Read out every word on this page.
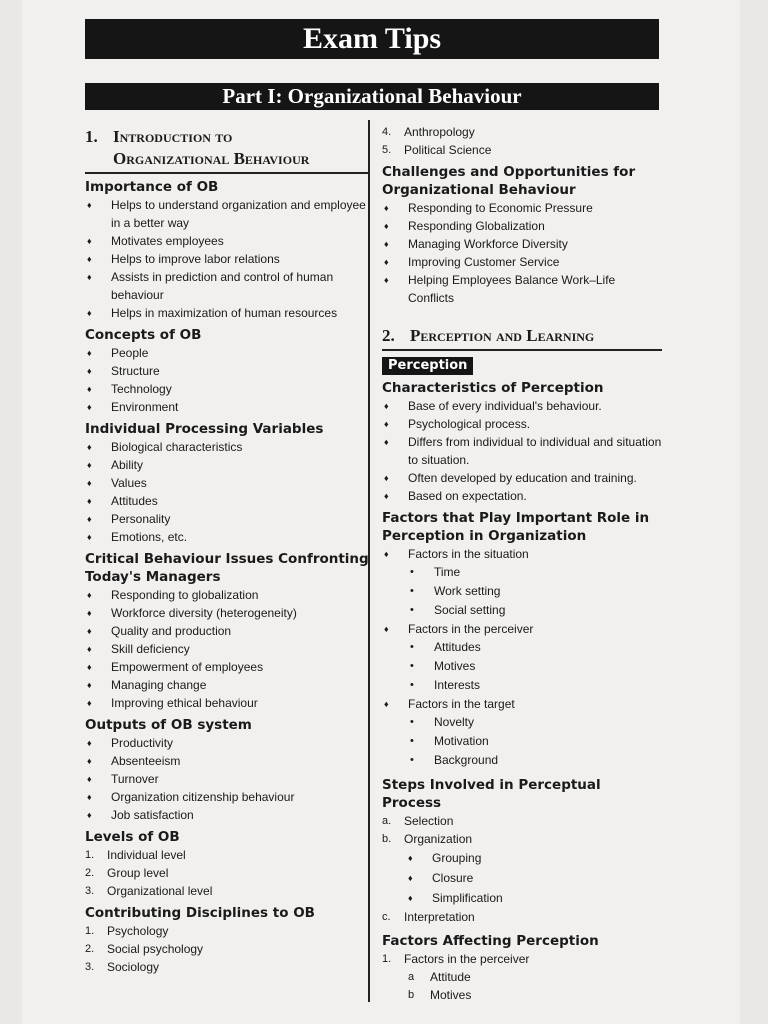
Exam Tips
Part I: Organizational Behaviour
1. Introduction to
Organizational Behaviour
Importance of OB
♦ Helps to understand organization and employee in a better way
♦ Motivates employees
♦ Helps to improve labor relations
♦ Assists in prediction and control of human behaviour
♦ Helps in maximization of human resources
Concepts of OB
♦ People
♦ Structure
♦ Technology
♦ Environment
Individual Processing Variables
♦ Biological characteristics
♦ Ability
♦ Values
♦ Attitudes
♦ Personality
♦ Emotions, etc.
Critical Behaviour Issues Confronting Today's Managers
♦ Responding to globalization
♦ Workforce diversity (heterogeneity)
♦ Quality and production
♦ Skill deficiency
♦ Empowerment of employees
♦ Managing change
♦ Improving ethical behaviour
Outputs of OB system
♦ Productivity
♦ Absenteeism
♦ Turnover
♦ Organization citizenship behaviour
♦ Job satisfaction
Levels of OB
1. Individual level
2. Group level
3. Organizational level
Contributing Disciplines to OB
1. Psychology
2. Social psychology
3. Sociology
4. Anthropology
5. Political Science
Challenges and Opportunities for Organizational Behaviour
♦ Responding to Economic Pressure
♦ Responding Globalization
♦ Managing Workforce Diversity
♦ Improving Customer Service
♦ Helping Employees Balance Work–Life Conflicts
2. Perception and Learning
Perception
Characteristics of Perception
♦ Base of every individual's behaviour.
♦ Psychological process.
♦ Differs from individual to individual and situation to situation.
♦ Often developed by education and training.
♦ Based on expectation.
Factors that Play Important Role in Perception in Organization
♦ Factors in the situation
• Time
• Work setting
• Social setting
♦ Factors in the perceiver
• Attitudes
• Motives
• Interests
♦ Factors in the target
• Novelty
• Motivation
• Background
Steps Involved in Perceptual Process
a. Selection
b. Organization
♦ Grouping
♦ Closure
♦ Simplification
c. Interpretation
Factors Affecting Perception
1. Factors in the perceiver
a Attitude
b Motives
